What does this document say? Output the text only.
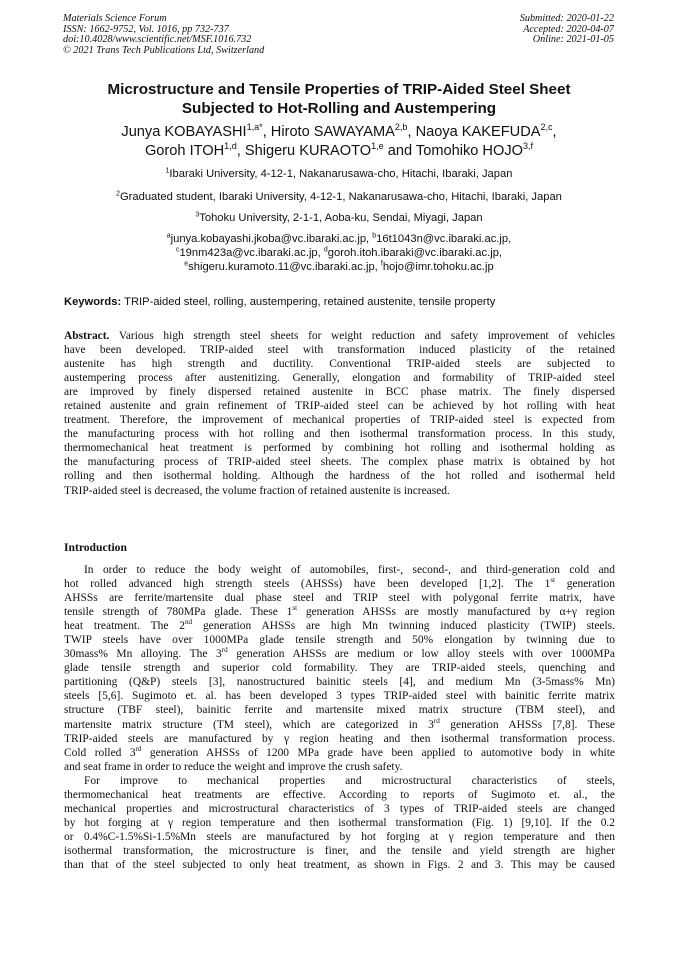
Materials Science Forum
ISSN: 1662-9752, Vol. 1016, pp 732-737
doi:10.4028/www.scientific.net/MSF.1016.732
© 2021 Trans Tech Publications Ltd, Switzerland
Submitted: 2020-01-22
Accepted: 2020-04-07
Online: 2021-01-05
Microstructure and Tensile Properties of TRIP-Aided Steel Sheet
Subjected to Hot-Rolling and Austempering
Junya $KOBAYASHI^{1,a*}$, Hiroto SAWAYAMA$^{2,b}$, Naoya KAKEFUDA$^{2,c}$,
Goroh ITOH$^{1,d}$, Shigeru KURAOTO$^{1,e}$ and Tomohiko HOJO$^{3,f}$
$^1$Ibaraki University, 4-12-1, Nakanarusawa-cho, Hitachi, Ibaraki, Japan
$^2$Graduated student, Ibaraki University, 4-12-1, Nakanarusawa-cho, Hitachi, Ibaraki, Japan
$^3$Tohoku University, 2-1-1, Aoba-ku, Sendai, Miyagi, Japan
$^a$junya.kobayashi.jkoba@vc.ibaraki.ac.jp, $^b$16t1043n@vc.ibaraki.ac.jp,
$^c$19nm423a@vc.ibaraki.ac.jp, $^d$goroh.itoh.ibaraki@vc.ibaraki.ac.jp,
$^e$shigeru.kuramoto.11@vc.ibaraki.ac.jp, $^f$hojo@imr.tohoku.ac.jp
Keywords: TRIP-aided steel, rolling, austempering, retained austenite, tensile property
Abstract. Various high strength steel sheets for weight reduction and safety improvement of vehicles
have been developed. TRIP-aided steel with transformation induced plasticity of the retained
austenite has high strength and ductility. Conventional TRIP-aided steels are subjected to
austempering process after austenitizing. Generally, elongation and formability of TRIP-aided steel
are improved by finely dispersed retained austenite in BCC phase matrix. The finely dispersed
retained austenite and grain refinement of TRIP-aided steel can be achieved by hot rolling with heat
treatment. Therefore, the improvement of mechanical properties of TRIP-aided steel is expected from
the manufacturing process with hot rolling and then isothermal transformation process. In this study,
thermomechanical heat treatment is performed by combining hot rolling and isothermal holding as
the manufacturing process of TRIP-aided steel sheets. The complex phase matrix is obtained by hot
rolling and then isothermal holding. Although the hardness of the hot rolled and isothermal held
TRIP-aided steel is decreased, the volume fraction of retained austenite is increased.
Introduction
In order to reduce the body weight of automobiles, first-, second-, and third-generation cold and
hot rolled advanced high strength steels (AHSSs) have been developed [1,2]. The 1st generation
AHSSs are ferrite/martensite dual phase steel and TRIP steel with polygonal ferrite matrix, have
tensile strength of 780MPa glade. These 1st generation AHSSs are mostly manufactured by α+γ region
heat treatment. The 2nd generation AHSSs are high Mn twinning induced plasticity (TWIP) steels.
TWIP steels have over 1000MPa glade tensile strength and 50% elongation by twinning due to
30mass% Mn alloying. The 3rd generation AHSSs are medium or low alloy steels with over 1000MPa
glade tensile strength and superior cold formability. They are TRIP-aided steels, quenching and
partitioning (Q&P) steels [3], nanostructured bainitic steels [4], and medium Mn (3-5mass% Mn)
steels [5,6]. Sugimoto et. al. has been developed 3 types TRIP-aided steel with bainitic ferrite matrix
structure (TBF steel), bainitic ferrite and martensite mixed matrix structure (TBM steel), and
martensite matrix structure (TM steel), which are categorized in 3rd generation AHSSs [7,8]. These
TRIP-aided steels are manufactured by γ region heating and then isothermal transformation process.
Cold rolled 3rd generation AHSSs of 1200 MPa grade have been applied to automotive body in white
and seat frame in order to reduce the weight and improve the crush safety.
For improve to mechanical properties and microstructural characteristics of steels,
thermomechanical heat treatments are effective. According to reports of Sugimoto et. al., the
mechanical properties and microstructural characteristics of 3 types of TRIP-aided steels are changed
by hot forging at γ region temperature and then isothermal transformation (Fig. 1) [9,10]. If the 0.2
or 0.4%C-1.5%Si-1.5%Mn steels are manufactured by hot forging at γ region temperature and then
isothermal transformation, the microstructure is finer, and the tensile and yield strength are higher
than that of the steel subjected to only heat treatment, as shown in Figs. 2 and 3. This may be caused
